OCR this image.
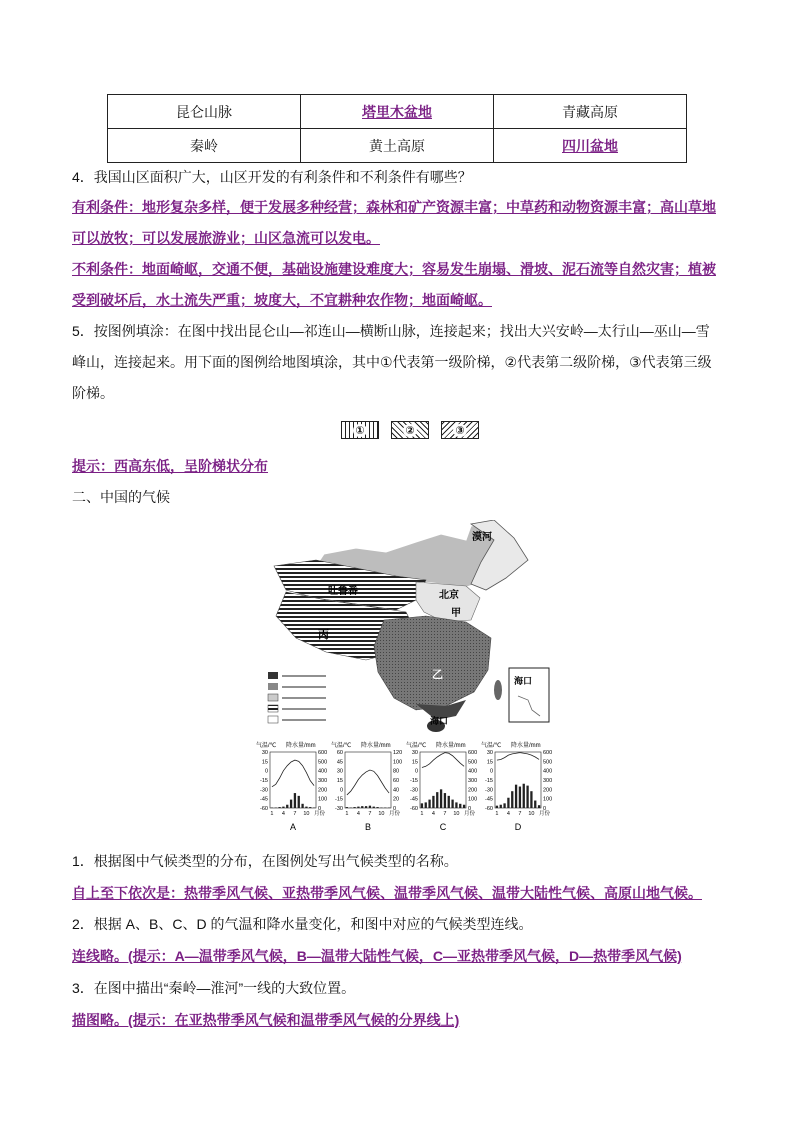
昆仑山脉	塔里木盆地	青藏高原
秦岭	黄土高原	四川盆地
4．我国山区面积广大，山区开发的有利条件和不利条件有哪些？
有利条件：地形复杂多样，便于发展多种经营；森林和矿产资源丰富；中草药和动物资源丰富；高山草地
可以放牧；可以发展旅游业；山区急流可以发电。
不利条件：地面崎岖，交通不便，基础设施建设难度大；容易发生崩塌、滑坡、泥石流等自然灾害；植被
受到破坏后，水土流失严重；坡度大，不宜耕种农作物；地面崎岖。
5．按图例填涂：在图中找出昆仑山—祁连山—横断山脉，连接起来；找出大兴安岭—太行山—巫山—雪
峰山，连接起来。用下面的图例给地图填涂，其中①代表第一级阶梯，②代表第二级阶梯，③代表第三级
阶梯。
①	②	③
提示：西高东低，呈阶梯状分布
二、中国的气候
漠河
吐鲁番	北京
甲
丙
乙
海口
海口
气温/℃ 降水量/mm
30
15
0
-15
-30
-45
-60
600
500
400
300
200
100
0
1 4 7 10 月份
A
气温/℃ 降水量/mm
60
45
30
15
0
-15
-30
120
100
80
60
40
20
0
1 4 7 10 月份
B
气温/℃ 降水量/mm
30
15
0
-15
-30
-45
-60
600
500
400
300
200
100
0
1 4 7 10 月份
C
气温/℃ 降水量/mm
30
15
0
-15
-30
-45
-60
600
500
400
300
200
100
0
1 4 7 10 月份
D
1．根据图中气候类型的分布，在图例处写出气候类型的名称。
自上至下依次是：热带季风气候、亚热带季风气候、温带季风气候、温带大陆性气候、高原山地气候。
2．根据 A、B、C、D 的气温和降水量变化，和图中对应的气候类型连线。
连线略。(提示：A—温带季风气候，B—温带大陆性气候，C—亚热带季风气候，D—热带季风气候)
3．在图中描出“秦岭—淮河”一线的大致位置。
描图略。(提示：在亚热带季风气候和温带季风气候的分界线上)
